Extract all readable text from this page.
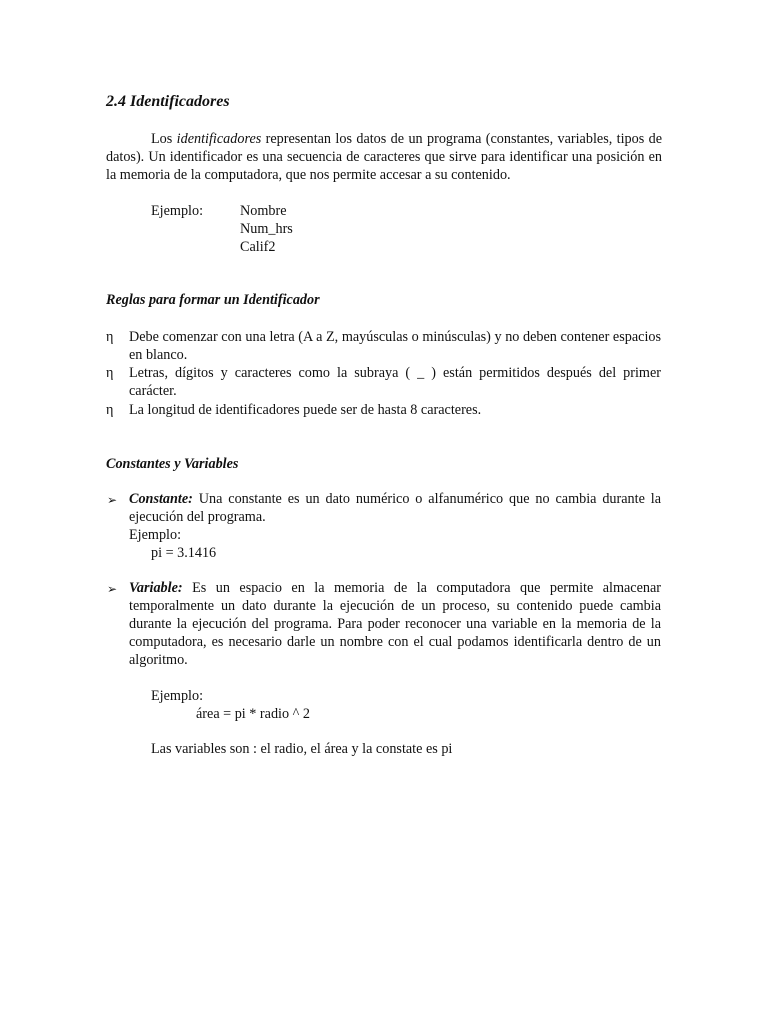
2.4 Identificadores
Los identificadores representan los datos de un programa (constantes, variables, tipos de datos). Un identificador es una secuencia de caracteres que sirve para identificar una posición en la memoria de la computadora, que nos permite accesar a su contenido.
Ejemplo:	Nombre
Num_hrs
Calif2
Reglas para formar un Identificador
η	Debe comenzar con una letra (A a Z, mayúsculas o minúsculas) y no deben contener espacios en blanco.
η	Letras, dígitos y caracteres como la subraya ( _ ) están permitidos después del primer carácter.
η	La longitud de identificadores puede ser de hasta 8 caracteres.
Constantes y Variables
➢ Constante: Una constante es un dato numérico o alfanumérico que no cambia durante la ejecución del programa.
Ejemplo:
pi = 3.1416
➢ Variable: Es un espacio en la memoria de la computadora que permite almacenar temporalmente un dato durante la ejecución de un proceso, su contenido puede cambia durante la ejecución del programa. Para poder reconocer una variable en la memoria de la computadora, es necesario darle un nombre con el cual podamos identificarla dentro de un algoritmo.
Ejemplo:
área = pi * radio ^ 2
Las variables son : el radio, el área y la constate es pi
